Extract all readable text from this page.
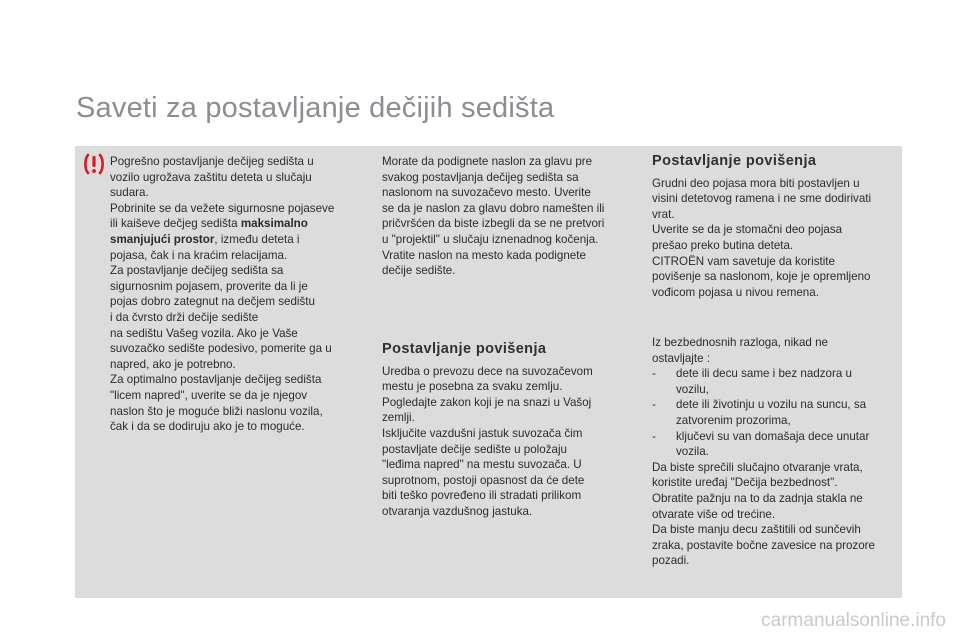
Saveti za postavljanje dečijih sedišta

Pogrešno postavljanje dečijeg sedišta u

vozilo ugrožava zaštitu deteta u slučaju

sudara.

Pobrinite se da vežete sigurnosne pojaseve

ili kaiševe dečjeg sedišta maksimalno

smanjujući prostor, između deteta i

pojasa, čak i na kraćim relacijama.

Za postavljanje dečijeg sedišta sa

sigurnosnim pojasem, proverite da li je

pojas dobro zategnut na dečjem sedištu

i da čvrsto drži dečije sedište

na sedištu Vašeg vozila. Ako je Vaše

suvozačko sedište podesivo, pomerite ga u

napred, ako je potrebno.

Za optimalno postavljanje dečijeg sedišta

"licem napred", uverite se da je njegov

naslon što je moguće bliži naslonu vozila,

čak i da se dodiruju ako je to moguće.

Morate da podignete naslon za glavu pre

svakog postavljanja dečijeg sedišta sa

naslonom na suvozačevo mesto. Uverite

se da je naslon za glavu dobro namešten ili

pričvršćen da biste izbegli da se ne pretvori

u "projektil" u slučaju iznenadnog kočenja.

Vratite naslon na mesto kada podignete

dečije sedište.

Postavljanje povišenja

Uredba o prevozu dece na suvozačevom

mestu je posebna za svaku zemlju.

Pogledajte zakon koji je na snazi u Vašoj

zemlji.

Isključite vazdušni jastuk suvozača čim

postavljate dečije sedište u položaju

"leđima napred" na mestu suvozača. U

suprotnom, postoji opasnost da će dete

biti teško povređeno ili stradati prilikom

otvaranja vazdušnog jastuka.

Postavljanje povišenja

Grudni deo pojasa mora biti postavljen u

visini detetovog ramena i ne sme dodirivati

vrat.

Uverite se da je stomačni deo pojasa

prešao preko butina deteta.

CITROËN vam savetuje da koristite

povišenje sa naslonom, koje je opremljeno

vođicom pojasa u nivou remena.

Iz bezbednosnih razloga, nikad ne

ostavljajte :

-	dete ili decu same i bez nadzora u

vozilu,

-	dete ili životinju u vozilu na suncu, sa

zatvorenim prozorima,

-	ključevi su van domašaja dece unutar

vozila.

Da biste sprečili slučajno otvaranje vrata,

koristite uređaj "Dečija bezbednost".

Obratite pažnju na to da zadnja stakla ne

otvarate više od trećine.

Da biste manju decu zaštitili od sunčevih

zraka, postavite bočne zavesice na prozore

pozadi.

carmanualsonline.info
